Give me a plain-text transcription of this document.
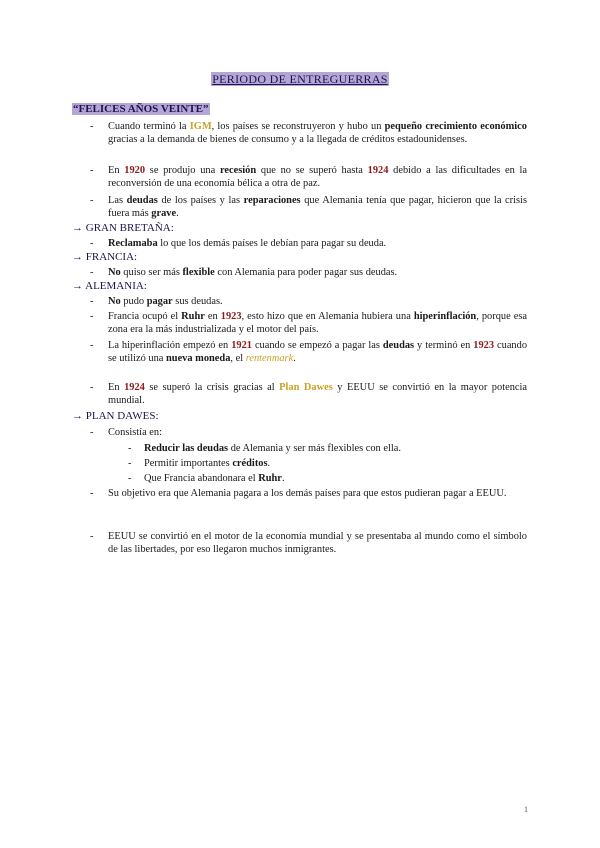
PERIODO DE ENTREGUERRAS
“FELICES AÑOS VEINTE”
- Cuando terminó la IGM, los países se reconstruyeron y hubo un pequeño crecimiento económico gracias a la demanda de bienes de consumo y a la llegada de créditos estadounidenses.
- En 1920 se produjo una recesión que no se superó hasta 1924 debido a las dificultades en la reconversión de una economía bélica a otra de paz.
- Las deudas de los países y las reparaciones que Alemania tenía que pagar, hicieron que la crisis fuera más grave.
→ GRAN BRETAÑA:
- Reclamaba lo que los demás países le debían para pagar su deuda.
→ FRANCIA:
- No quiso ser más flexible con Alemania para poder pagar sus deudas.
→ ALEMANIA:
- No pudo pagar sus deudas.
- Francia ocupó el Ruhr en 1923, esto hizo que en Alemania hubiera una hiperinflación, porque esa zona era la más industrializada y el motor del país.
- La hiperinflación empezó en 1921 cuando se empezó a pagar las deudas y terminó en 1923 cuando se utilizó una nueva moneda, el rentenmark.
- En 1924 se superó la crisis gracias al Plan Dawes y EEUU se convirtió en la mayor potencia mundial.
→ PLAN DAWES:
- Consistía en:
- Reducir las deudas de Alemania y ser más flexibles con ella.
- Permitir importantes créditos.
- Que Francia abandonara el Ruhr.
- Su objetivo era que Alemania pagara a los demás países para que estos pudieran pagar a EEUU.
- EEUU se convirtió en el motor de la economía mundial y se presentaba al mundo como el símbolo de las libertades, por eso llegaron muchos inmigrantes.
1
